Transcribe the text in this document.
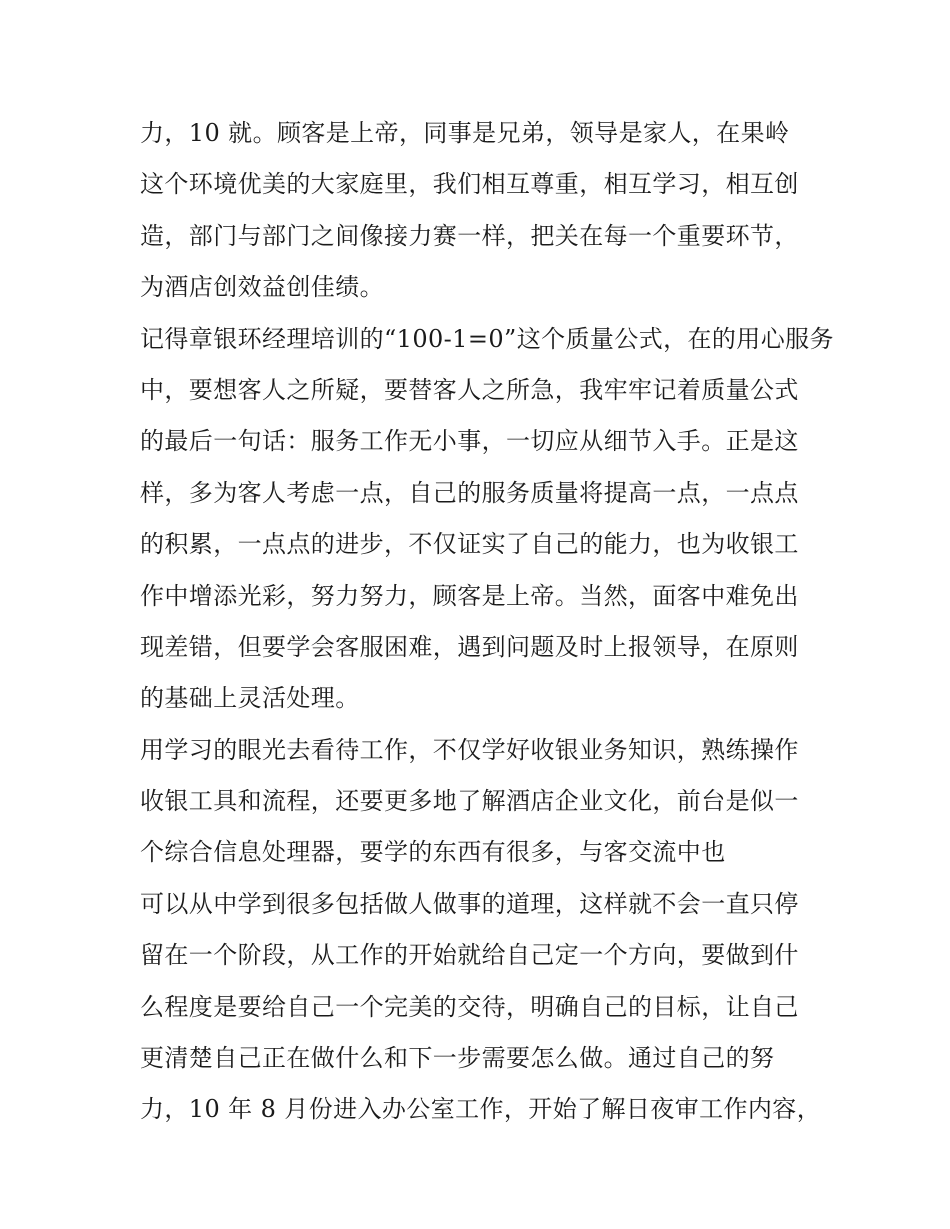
力，10 就。顾客是上帝，同事是兄弟，领导是家人，在果岭
这个环境优美的大家庭里，我们相互尊重，相互学习，相互创
造，部门与部门之间像接力赛一样，把关在每一个重要环节，
为酒店创效益创佳绩。
记得章银环经理培训的“100-1=0”这个质量公式，在的用心服务
中，要想客人之所疑，要替客人之所急，我牢牢记着质量公式
的最后一句话：服务工作无小事，一切应从细节入手。正是这
样，多为客人考虑一点，自己的服务质量将提高一点，一点点
的积累，一点点的进步，不仅证实了自己的能力，也为收银工
作中增添光彩，努力努力，顾客是上帝。当然，面客中难免出
现差错，但要学会客服困难，遇到问题及时上报领导，在原则
的基础上灵活处理。
用学习的眼光去看待工作，不仅学好收银业务知识，熟练操作
收银工具和流程，还要更多地了解酒店企业文化，前台是似一
个综合信息处理器，要学的东西有很多，与客交流中也
可以从中学到很多包括做人做事的道理，这样就不会一直只停
留在一个阶段，从工作的开始就给自己定一个方向，要做到什
么程度是要给自己一个完美的交待，明确自己的目标，让自己
更清楚自己正在做什么和下一步需要怎么做。通过自己的努
力，10 年 8 月份进入办公室工作，开始了解日夜审工作内容，
